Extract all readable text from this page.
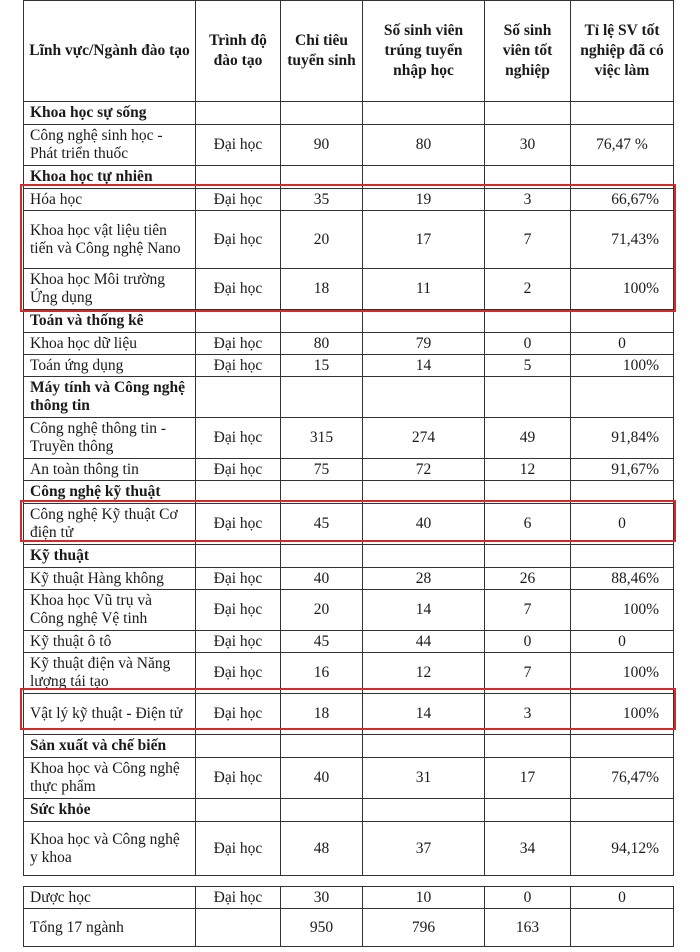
Lĩnh vực/Ngành đào tạo	Trình độ đào tạo	Chỉ tiêu tuyển sinh	Số sinh viên trúng tuyển nhập học	Số sinh viên tốt nghiệp	Tỉ lệ SV tốt nghiệp đã có việc làm
Khoa học sự sống					
Công nghệ sinh học - Phát triển thuốc	Đại học	90	80	30	76,47 %
Khoa học tự nhiên					
Hóa học	Đại học	35	19	3	66,67%
Khoa học vật liệu tiên tiến và Công nghệ Nano	Đại học	20	17	7	71,43%
Khoa học Môi trường Ứng dụng	Đại học	18	11	2	100%
Toán và thống kê					
Khoa học dữ liệu	Đại học	80	79	0	0
Toán ứng dụng	Đại học	15	14	5	100%
Máy tính và Công nghệ thông tin					
Công nghệ thông tin - Truyền thông	Đại học	315	274	49	91,84%
An toàn thông tin	Đại học	75	72	12	91,67%
Công nghệ kỹ thuật					
Công nghệ Kỹ thuật Cơ điện tử	Đại học	45	40	6	0
Kỹ thuật					
Kỹ thuật Hàng không	Đại học	40	28	26	88,46%
Khoa học Vũ trụ và Công nghệ Vệ tinh	Đại học	20	14	7	100%
Kỹ thuật ô tô	Đại học	45	44	0	0
Kỹ thuật điện và Năng lượng tái tạo	Đại học	16	12	7	100%
Vật lý kỹ thuật - Điện tử	Đại học	18	14	3	100%
Sản xuất và chế biến					
Khoa học và Công nghệ thực phẩm	Đại học	40	31	17	76,47%
Sức khỏe					
Khoa học và Công nghệ y khoa	Đại học	48	37	34	94,12%

Dược học	Đại học	30	10	0	0
Tổng 17 ngành		950	796	163	
